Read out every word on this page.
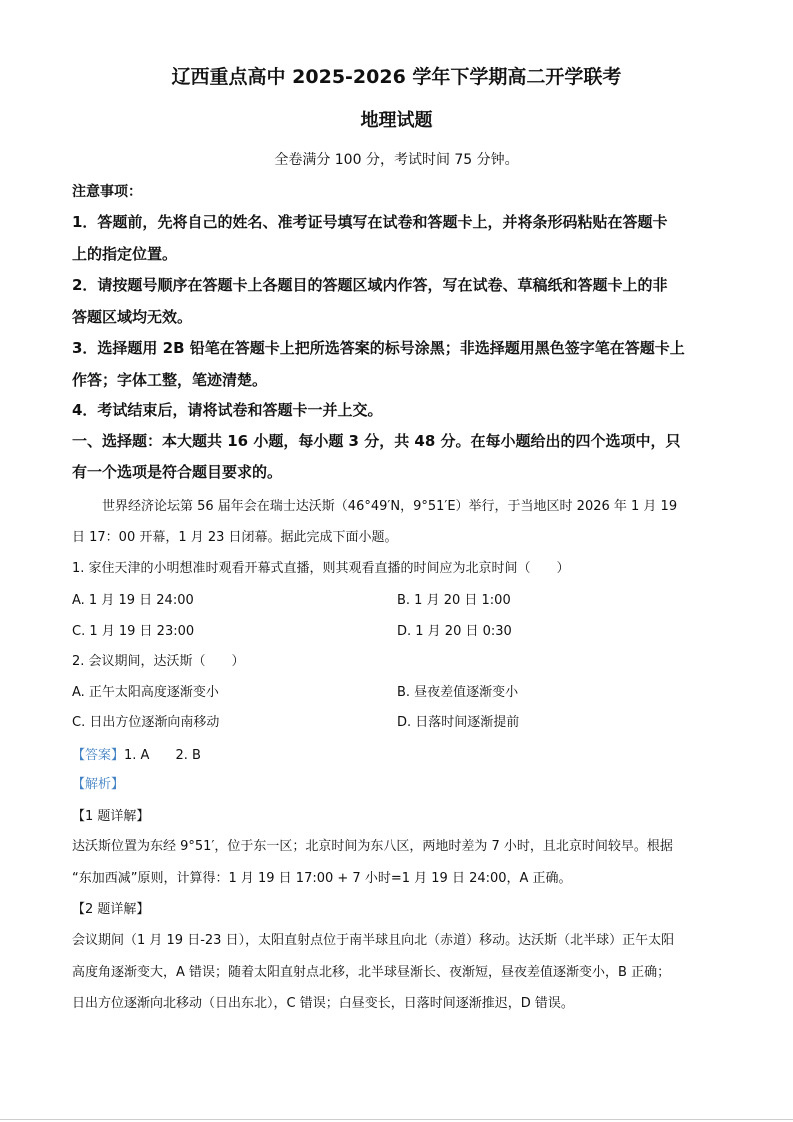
辽西重点高中 2025-2026 学年下学期高二开学联考
地理试题
全卷满分 100 分，考试时间 75 分钟。
注意事项：
1．答题前，先将自己的姓名、准考证号填写在试卷和答题卡上，并将条形码粘贴在答题卡
上的指定位置。
2．请按题号顺序在答题卡上各题目的答题区域内作答，写在试卷、草稿纸和答题卡上的非
答题区域均无效。
3．选择题用 2B 铅笔在答题卡上把所选答案的标号涂黑；非选择题用黑色签字笔在答题卡上
作答；字体工整，笔迹清楚。
4．考试结束后，请将试卷和答题卡一并上交。
一、选择题：本大题共 16 小题，每小题 3 分，共 48 分。在每小题给出的四个选项中，只
有一个选项是符合题目要求的。
世界经济论坛第 56 届年会在瑞士达沃斯（46°49′N，9°51′E）举行，于当地区时 2026 年 1 月 19
日 17：00 开幕，1 月 23 日闭幕。据此完成下面小题。
1. 家住天津的小明想准时观看开幕式直播，则其观看直播的时间应为北京时间（　　）
A. 1 月 19 日 24:00	B. 1 月 20 日 1:00
C. 1 月 19 日 23:00	D. 1 月 20 日 0:30
2. 会议期间，达沃斯（　　）
A. 正午太阳高度逐渐变小	B. 昼夜差值逐渐变小
C. 日出方位逐渐向南移动	D. 日落时间逐渐提前
【答案】1. A　　2. B
【解析】
【1 题详解】
达沃斯位置为东经 9°51′，位于东一区；北京时间为东八区，两地时差为 7 小时，且北京时间较早。根据
“东加西减”原则，计算得：1 月 19 日 17:00 + 7 小时=1 月 19 日 24:00，A 正确。
【2 题详解】
会议期间（1 月 19 日-23 日），太阳直射点位于南半球且向北（赤道）移动。达沃斯（北半球）正午太阳
高度角逐渐变大，A 错误；随着太阳直射点北移，北半球昼渐长、夜渐短，昼夜差值逐渐变小，B 正确；
日出方位逐渐向北移动（日出东北），C 错误；白昼变长，日落时间逐渐推迟，D 错误。
